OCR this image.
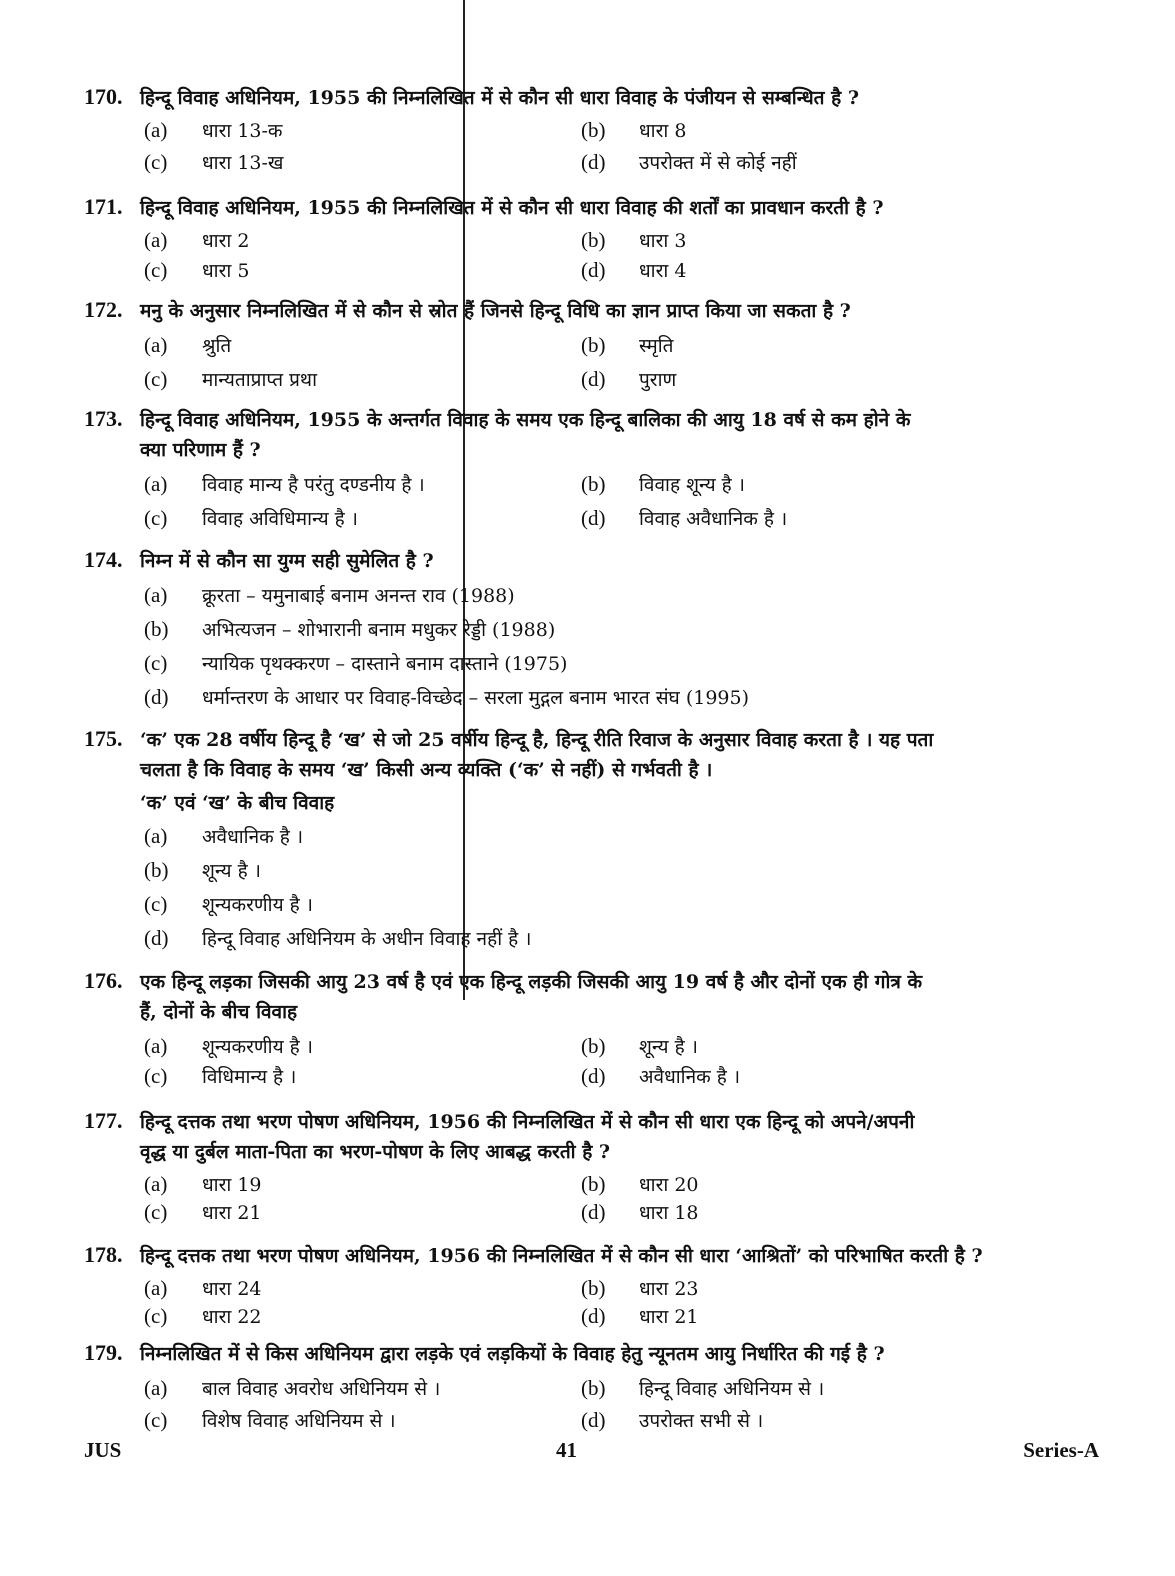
170. हिन्दू विवाह अधिनियम, 1955 की निम्नलिखित में से कौन सी धारा विवाह के पंजीयन से सम्बन्धित है ?
(a) धारा 13-क	(b) धारा 8
(c) धारा 13-ख	(d) उपरोक्त में से कोई नहीं
171. हिन्दू विवाह अधिनियम, 1955 की निम्नलिखित में से कौन सी धारा विवाह की शर्तों का प्रावधान करती है ?
(a) धारा 2	(b) धारा 3
(c) धारा 5	(d) धारा 4
172. मनु के अनुसार निम्नलिखित में से कौन से स्रोत हैं जिनसे हिन्दू विधि का ज्ञान प्राप्त किया जा सकता है ?
(a) श्रुति	(b) स्मृति
(c) मान्यताप्राप्त प्रथा	(d) पुराण
173. हिन्दू विवाह अधिनियम, 1955 के अन्तर्गत विवाह के समय एक हिन्दू बालिका की आयु 18 वर्ष से कम होने के
क्या परिणाम हैं ?
(a) विवाह मान्य है परंतु दण्डनीय है ।	(b) विवाह शून्य है ।
(c) विवाह अविधिमान्य है ।	(d) विवाह अवैधानिक है ।
174. निम्न में से कौन सा युग्म सही सुमेलित है ?
(a) क्रूरता – यमुनाबाई बनाम अनन्त राव (1988)
(b) अभित्यजन – शोभारानी बनाम मधुकर रेड्डी (1988)
(c) न्यायिक पृथक्करण – दास्ताने बनाम दास्ताने (1975)
(d) धर्मान्तरण के आधार पर विवाह-विच्छेद – सरला मुद्गल बनाम भारत संघ (1995)
175. ‘क’ एक 28 वर्षीय हिन्दू है ‘ख’ से जो 25 वर्षीय हिन्दू है, हिन्दू रीति रिवाज के अनुसार विवाह करता है । यह पता
चलता है कि विवाह के समय ‘ख’ किसी अन्य व्यक्ति (‘क’ से नहीं) से गर्भवती है ।
‘क’ एवं ‘ख’ के बीच विवाह
(a) अवैधानिक है ।
(b) शून्य है ।
(c) शून्यकरणीय है ।
(d) हिन्दू विवाह अधिनियम के अधीन विवाह नहीं है ।
176. एक हिन्दू लड़का जिसकी आयु 23 वर्ष है एवं एक हिन्दू लड़की जिसकी आयु 19 वर्ष है और दोनों एक ही गोत्र के
हैं, दोनों के बीच विवाह
(a) शून्यकरणीय है ।	(b) शून्य है ।
(c) विधिमान्य है ।	(d) अवैधानिक है ।
177. हिन्दू दत्तक तथा भरण पोषण अधिनियम, 1956 की निम्नलिखित में से कौन सी धारा एक हिन्दू को अपने/अपनी
वृद्ध या दुर्बल माता-पिता का भरण-पोषण के लिए आबद्ध करती है ?
(a) धारा 19	(b) धारा 20
(c) धारा 21	(d) धारा 18
178. हिन्दू दत्तक तथा भरण पोषण अधिनियम, 1956 की निम्नलिखित में से कौन सी धारा ‘आश्रितों’ को परिभाषित करती है ?
(a) धारा 24	(b) धारा 23
(c) धारा 22	(d) धारा 21
179. निम्नलिखित में से किस अधिनियम द्वारा लड़के एवं लड़कियों के विवाह हेतु न्यूनतम आयु निर्धारित की गई है ?
(a) बाल विवाह अवरोध अधिनियम से ।	(b) हिन्दू विवाह अधिनियम से ।
(c) विशेष विवाह अधिनियम से ।	(d) उपरोक्त सभी से ।
JUS	41	Series-A
